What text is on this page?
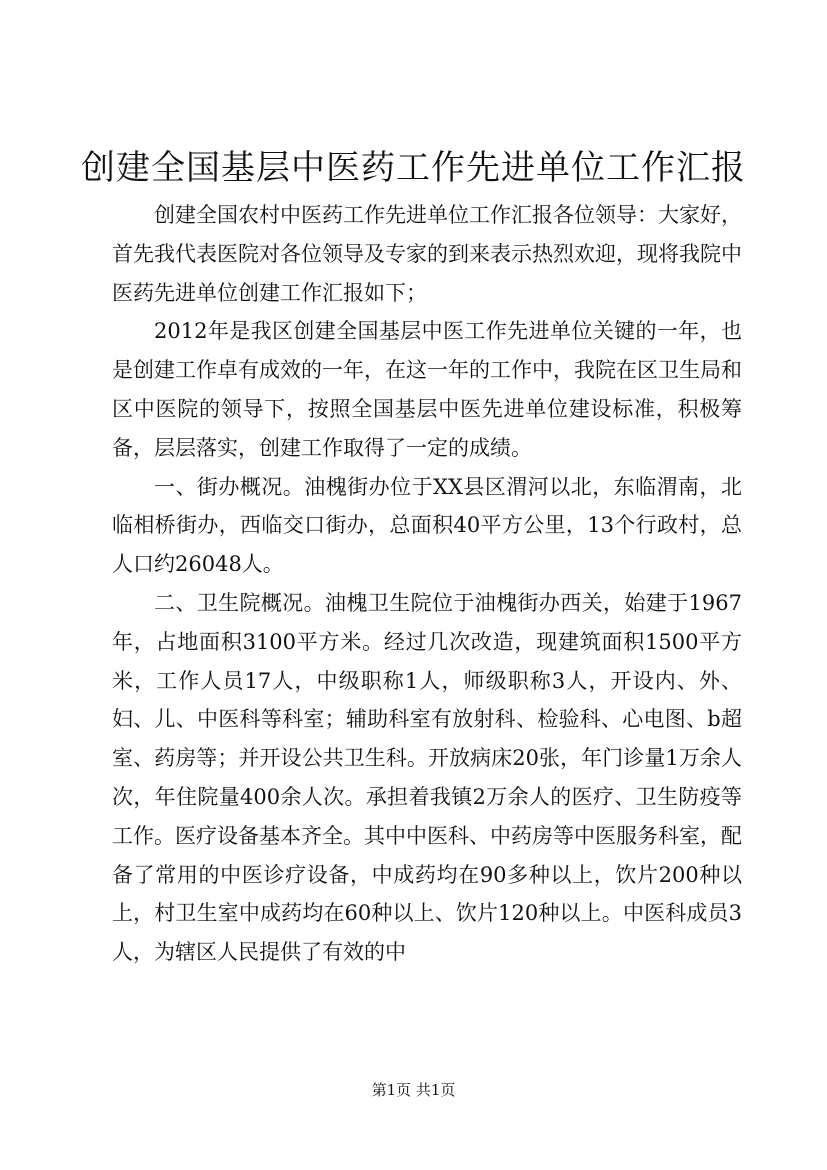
创建全国基层中医药工作先进单位工作汇报

创建全国农村中医药工作先进单位工作汇报各位领导：大家好，首先我代表医院对各位领导及专家的到来表示热烈欢迎，现将我院中医药先进单位创建工作汇报如下；

2012年是我区创建全国基层中医工作先进单位关键的一年，也是创建工作卓有成效的一年，在这一年的工作中，我院在区卫生局和区中医院的领导下，按照全国基层中医先进单位建设标准，积极筹备，层层落实，创建工作取得了一定的成绩。

一、街办概况。油槐街办位于XX县区渭河以北，东临渭南，北临相桥街办，西临交口街办，总面积40平方公里，13个行政村，总人口约26048人。

二、卫生院概况。油槐卫生院位于油槐街办西关，始建于1967年，占地面积3100平方米。经过几次改造，现建筑面积1500平方米，工作人员17人，中级职称1人，师级职称3人，开设内、外、妇、儿、中医科等科室；辅助科室有放射科、检验科、心电图、b超室、药房等；并开设公共卫生科。开放病床20张，年门诊量1万余人次，年住院量400余人次。承担着我镇2万余人的医疗、卫生防疫等工作。医疗设备基本齐全。其中中医科、中药房等中医服务科室，配备了常用的中医诊疗设备，中成药均在90多种以上，饮片200种以上，村卫生室中成药均在60种以上、饮片120种以上。中医科成员3人，为辖区人民提供了有效的中

第1页 共1页
